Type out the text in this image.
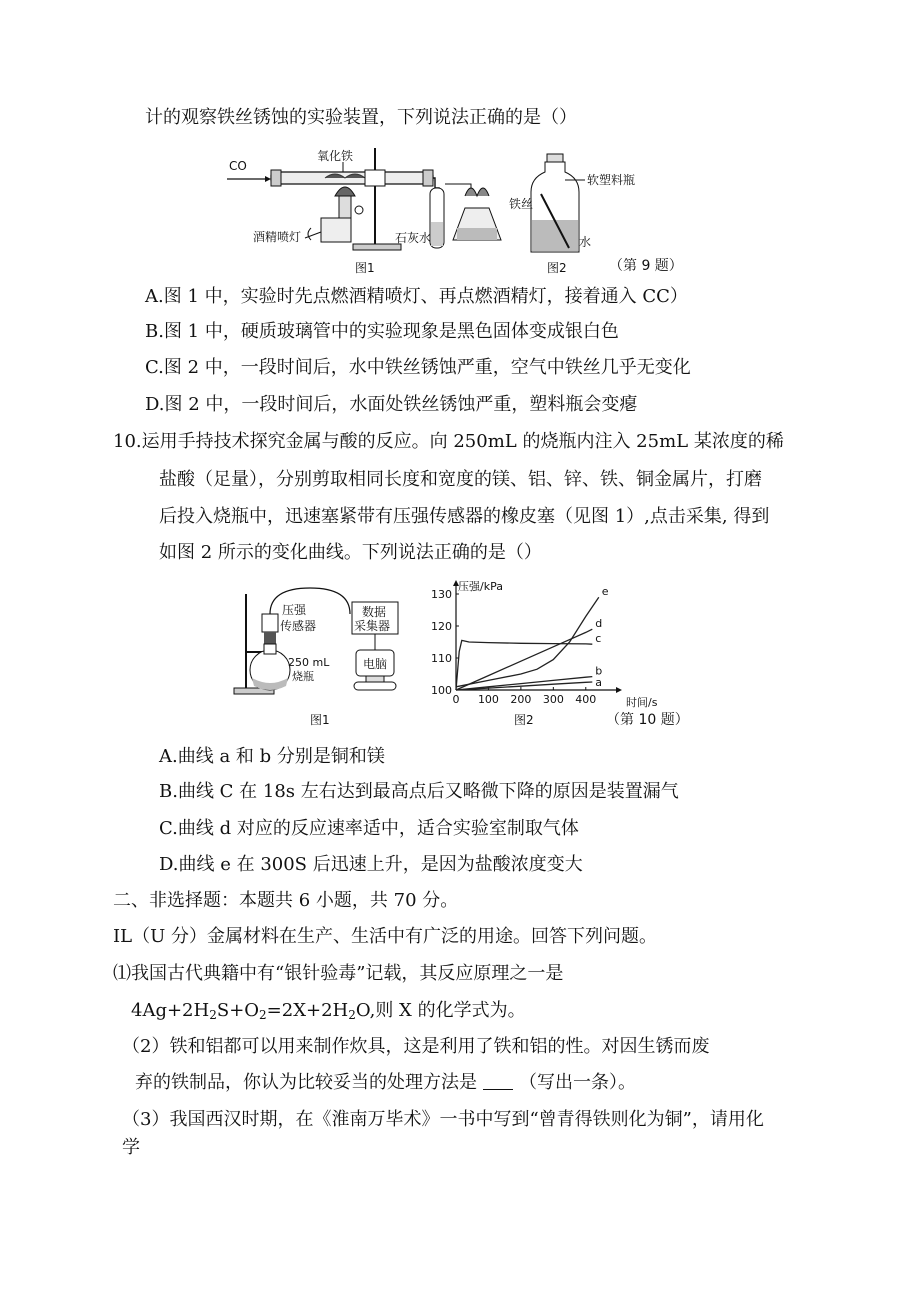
计的观察铁丝锈蚀的实验装置，下列说法正确的是（）
CO
氧化铁
酒精喷灯	石灰水
图1
软塑料瓶
铁丝
水
图2	（第 9 题）
A.图 1 中，实验时先点燃酒精喷灯、再点燃酒精灯，接着通入 CC）
B.图 1 中，硬质玻璃管中的实验现象是黑色固体变成银白色
C.图 2 中，一段时间后，水中铁丝锈蚀严重，空气中铁丝几乎无变化
D.图 2 中，一段时间后，水面处铁丝锈蚀严重，塑料瓶会变瘪
10.运用手持技术探究金属与酸的反应。向 250mL 的烧瓶内注入 25mL 某浓度的稀
盐酸（足量），分别剪取相同长度和宽度的镁、铝、锌、铁、铜金属片，打磨
后投入烧瓶中，迅速塞紧带有压强传感器的橡皮塞（见图 1）,点击采集, 得到
如图 2 所示的变化曲线。下列说法正确的是（）
250 mL
烧瓶
压强
传感器
数据
采集器
电脑
图1
100
110
120
130
0 100 200 300 400
压强/kPa
时间/s
a
b
c
d
e
图2	（第 10 题）
A.曲线 a 和 b 分别是铜和镁
B.曲线 C 在 18s 左右达到最高点后又略微下降的原因是装置漏气
C.曲线 d 对应的反应速率适中，适合实验室制取气体
D.曲线 e 在 300S 后迅速上升，是因为盐酸浓度变大
二、非选择题：本题共 6 小题，共 70 分。
IL（U 分）金属材料在生产、生活中有广泛的用途。回答下列问题。
⑴我国古代典籍中有“银针验毒”记载，其反应原理之一是
$4Ag+2H_2S+O_2=2X+2H_2O$,则 X 的化学式为。
（2）铁和铝都可以用来制作炊具，这是利用了铁和铝的性。对因生锈而废
弃的铁制品，你认为比较妥当的处理方法是 （写出一条）。
（3）我国西汉时期，在《淮南万毕术》一书中写到“曾青得铁则化为铜”，请用化
学
